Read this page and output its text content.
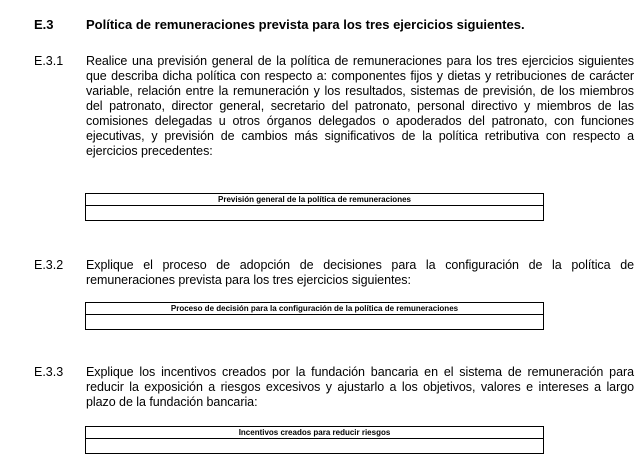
E.3 Política de remuneraciones prevista para los tres ejercicios siguientes.
E.3.1 Realice una previsión general de la política de remuneraciones para los tres ejercicios siguientes que describa dicha política con respecto a: componentes fijos y dietas y retribuciones de carácter variable, relación entre la remuneración y los resultados, sistemas de previsión, de los miembros del patronato, director general, secretario del patronato, personal directivo y miembros de las comisiones delegadas u otros órganos delegados o apoderados del patronato, con funciones ejecutivas, y previsión de cambios más significativos de la política retributiva con respecto a ejercicios precedentes:
Previsión general de la política de remuneraciones
E.3.2 Explique el proceso de adopción de decisiones para la configuración de la política de remuneraciones prevista para los tres ejercicios siguientes:
Proceso de decisión para la configuración de la política de remuneraciones
E.3.3 Explique los incentivos creados por la fundación bancaria en el sistema de remuneración para reducir la exposición a riesgos excesivos y ajustarlo a los objetivos, valores e intereses a largo plazo de la fundación bancaria:
Incentivos creados para reducir riesgos
